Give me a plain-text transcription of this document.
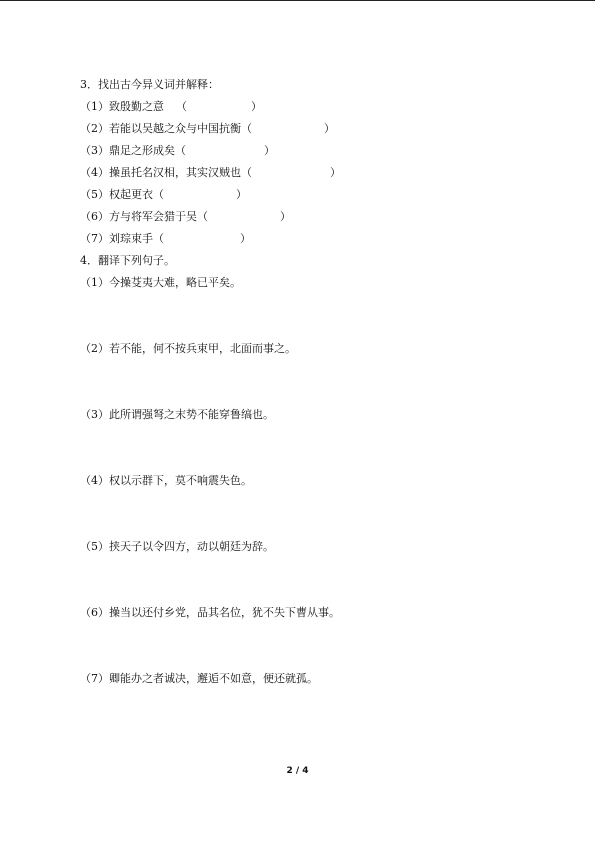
3．找出古今异义词并解释：
（1）致殷勤之意 （	）
（2）若能以吴越之众与中国抗衡（	）
（3）鼎足之形成矣（	）
（4）操虽托名汉相，其实汉贼也（	）
（5）权起更衣（	）
（6）方与将军会猎于吴（	）
（7）刘琮束手（	）
4．翻译下列句子。
（1）今操芟夷大难，略已平矣。
（2）若不能，何不按兵束甲，北面而事之。
（3）此所谓强弩之末势不能穿鲁缟也。
（4）权以示群下，莫不响震失色。
（5）挟天子以令四方，动以朝廷为辞。
（6）操当以还付乡党，品其名位，犹不失下曹从事。
（7）卿能办之者诚决，邂逅不如意，便还就孤。
2 / 4
